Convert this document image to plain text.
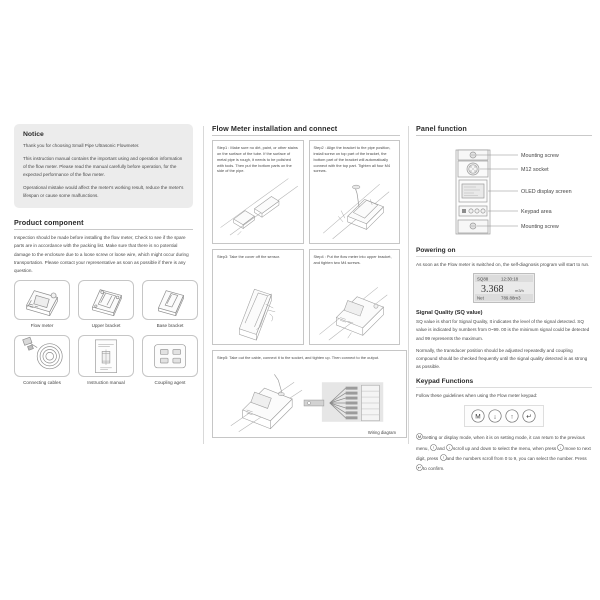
Notice

Thank you for choosing Small Pipe Ultrasonic Flowmeter.

This instruction manual contains the important using and operation information of the flow meter. Please read the manual carefully before operation, for the expected performance of the flow meter.

Operational mistake would affect the meter's working result, reduce the meter's lifespan or cause some malfunctions.

Product component

Inspection should be made before installing the flow meter, Check to see if the spare parts are in accordance with the packing list. Make sure that there is no potential damage to the enclosure due to a loose screw or loose wire, which might occur during transportation. Please contact your representative as soon as possible if there is any question.

Flow meter	Upper bracket	Base bracket
Connecting cables	Instruction manual	Coupling agent
Flow Meter installation and connect

Step1 : Make sure no dirt, paint, or other stains on the surface of the tube. If the surface of metal pipe is rough, it needs to be polished with tools. Then put the bottom parts on the side of the pipe.

Step2 : Align the bracket to the pipe position, install screw on top part of the bracket, the bottom part of the bracket will automatically connect with the top part. Tighten all four M4 screws.

Step3: Take the cover off the sensor.	Step4 : Put the flow meter into upper bracket, and tighten two M4 screws.

Step5: Take out the cable, connect it to the socket, and tighten up. Then connect to the output.

Wiring diagram
Panel function
Mounting screw
M12 socket
OLED display screen
Keypad area
Mounting screw
Powering on

As soon as the Flow meter is switched on, the self-diagnosis program will start to run.

SQ88	12:30:18
3.368	m3/h
Net	789.88m3
Signal Quality (SQ value)

SQ value is short for Signal Quality, It indicates the level of the signal detected. SQ value is indicated by numbers from 0~99. 00 is the minimum signal could be detected and 99 represents the maximum.

Normally, the transducer position should be adjusted repeatedly and coupling compound should be checked frequently until the signal quality detected is as strong as possible.

Keypad Functions

Follow these guidelines when using the Flow meter keypad:

M ↓ ↑ ↵

M Setting or display mode, when it is on setting mode, it can return to the previous menu, ↑ and ↓ scroll up and down to select the menu, when press ↓ move to next digit, press ↑ and the numbers scroll from 0 to 9, you can select the number. Press
↵ to confirm.
